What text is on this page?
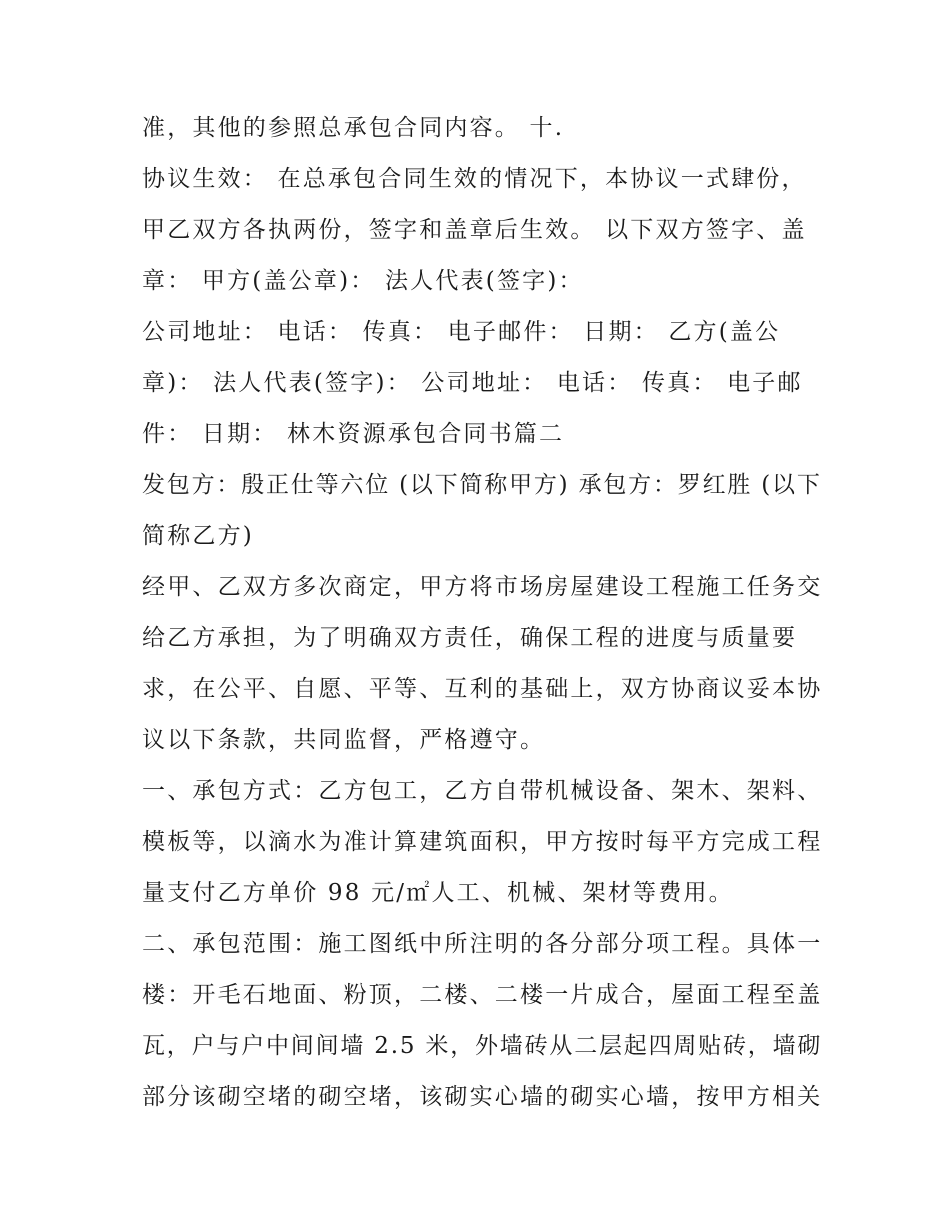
准，其他的参照总承包合同内容。 十.
协议生效： 在总承包合同生效的情况下，本协议一式肆份，
甲乙双方各执两份，签字和盖章后生效。 以下双方签字、盖
章： 甲方(盖公章)： 法人代表(签字)：
公司地址： 电话： 传真： 电子邮件： 日期： 乙方(盖公
章)： 法人代表(签字)： 公司地址： 电话： 传真： 电子邮
件： 日期： 林木资源承包合同书篇二
发包方：殷正仕等六位 (以下简称甲方) 承包方：罗红胜 (以下
简称乙方)
经甲、乙双方多次商定，甲方将市场房屋建设工程施工任务交
给乙方承担，为了明确双方责任，确保工程的进度与质量要
求，在公平、自愿、平等、互利的基础上，双方协商议妥本协
议以下条款，共同监督，严格遵守。
一、承包方式：乙方包工，乙方自带机械设备、架木、架料、
模板等，以滴水为准计算建筑面积，甲方按时每平方完成工程
量支付乙方单价 98 元/㎡人工、机械、架材等费用。
二、承包范围：施工图纸中所注明的各分部分项工程。具体一
楼：开毛石地面、粉顶，二楼、二楼一片成合，屋面工程至盖
瓦，户与户中间间墙 2.5 米，外墙砖从二层起四周贴砖，墙砌
部分该砌空堵的砌空堵，该砌实心墙的砌实心墙，按甲方相关
